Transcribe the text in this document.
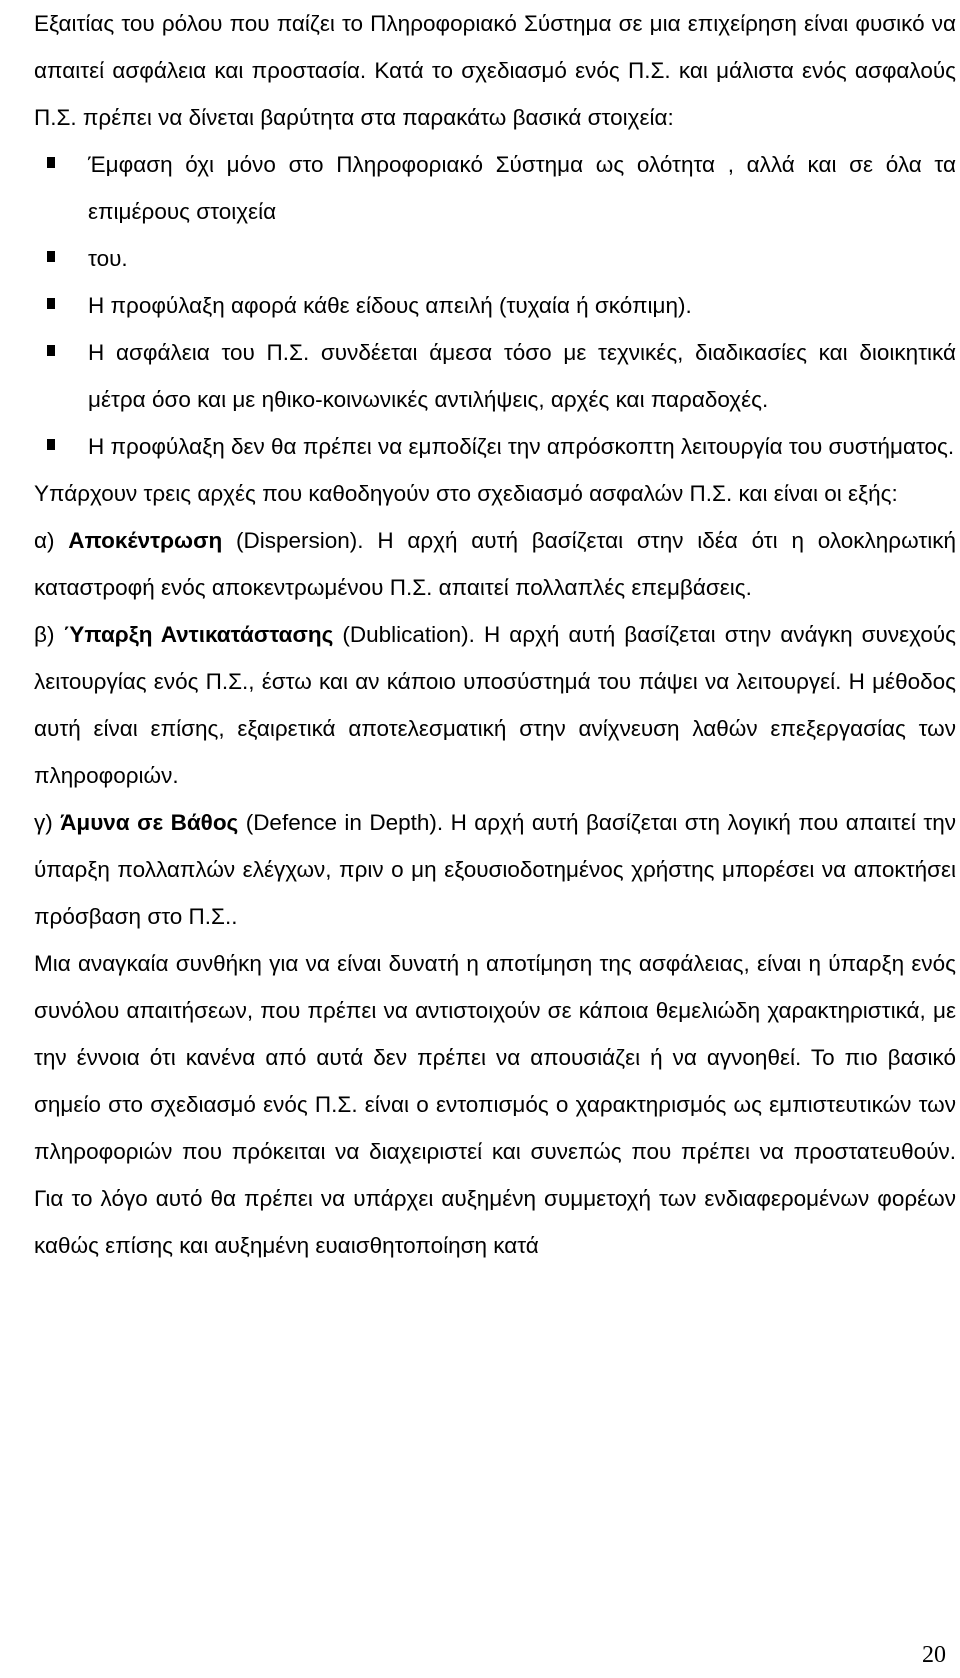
Εξαιτίας του ρόλου που παίζει το Πληροφοριακό Σύστημα σε μια επιχείρηση είναι φυσικό να απαιτεί ασφάλεια και προστασία. Κατά το σχεδιασμό ενός Π.Σ. και μάλιστα ενός ασφαλούς Π.Σ. πρέπει να δίνεται βαρύτητα στα παρακάτω βασικά στοιχεία:

Έμφαση όχι μόνο στο Πληροφοριακό Σύστημα ως ολότητα , αλλά και σε όλα τα επιμέρους στοιχεία
του.
Η προφύλαξη αφορά κάθε είδους απειλή (τυχαία ή σκόπιμη).
Η ασφάλεια του Π.Σ. συνδέεται άμεσα τόσο με τεχνικές, διαδικασίες και διοικητικά μέτρα όσο και με ηθικο-κοινωνικές αντιλήψεις, αρχές και παραδοχές.
Η προφύλαξη δεν θα πρέπει να εμποδίζει την απρόσκοπτη λειτουργία του συστήματος.

Υπάρχουν τρεις αρχές που καθοδηγούν στο σχεδιασμό ασφαλών Π.Σ. και είναι οι εξής:

α) Αποκέντρωση (Dispersion). Η αρχή αυτή βασίζεται στην ιδέα ότι η ολοκληρωτική καταστροφή ενός αποκεντρωμένου Π.Σ. απαιτεί πολλαπλές επεμβάσεις.

β) Ύπαρξη Αντικατάστασης (Dublication). Η αρχή αυτή βασίζεται στην ανάγκη συνεχούς λειτουργίας ενός Π.Σ., έστω και αν κάποιο υποσύστημά του πάψει να λειτουργεί. Η μέθοδος αυτή είναι επίσης, εξαιρετικά αποτελεσματική στην ανίχνευση λαθών επεξεργασίας των πληροφοριών.

γ) Άμυνα σε Βάθος (Defence in Depth). Η αρχή αυτή βασίζεται στη λογική που απαιτεί την ύπαρξη πολλαπλών ελέγχων, πριν ο μη εξουσιοδοτημένος χρήστης μπορέσει να αποκτήσει πρόσβαση στο Π.Σ..

Μια αναγκαία συνθήκη για να είναι δυνατή η αποτίμηση της ασφάλειας, είναι η ύπαρξη ενός συνόλου απαιτήσεων, που πρέπει να αντιστοιχούν σε κάποια θεμελιώδη χαρακτηριστικά, με την έννοια ότι κανένα από αυτά δεν πρέπει να απουσιάζει ή να αγνοηθεί. Το πιο βασικό σημείο στο σχεδιασμό ενός Π.Σ. είναι ο εντοπισμός ο χαρακτηρισμός ως εμπιστευτικών των πληροφοριών που πρόκειται να διαχειριστεί και συνεπώς που πρέπει να προστατευθούν. Για το λόγο αυτό θα πρέπει να υπάρχει αυξημένη συμμετοχή των ενδιαφερομένων φορέων καθώς επίσης και αυξημένη ευαισθητοποίηση κατά

20
